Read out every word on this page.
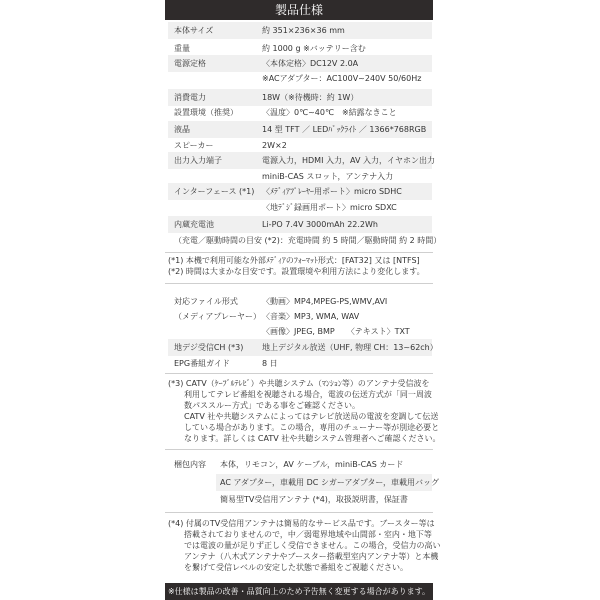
製品仕様
本体サイズ	約 351×236×36 mm
重量	約 1000 g ※バッテリー含む
電源定格	〈本体定格〉DC12V 2.0A
※ACアダプター：AC100V~240V 50/60Hz
消費電力	18W（※待機時：約 1W）
設置環境（推奨）	〈温度〉0℃~40℃　※結露なきこと
液晶	14 型 TFT ／ LEDﾊﾞｯｸﾗｲﾄ ／ 1366*768RGB
スピーカー	2W×2
出力入力端子	電源入力，HDMI 入力，AV 入力，イヤホン出力
miniB-CAS スロット，アンテナ入力
インターフェース (*1) 〈ﾒﾃﾞｨｱﾌﾟﾚｰﾔｰ用ポート〉micro SDHC
〈地ﾃﾞｼﾞ録画用ポート〉micro SDXC
内蔵充電池	Li-PO 7.4V 3000mAh 22.2Wh
（充電／駆動時間の目安 (*2)：充電時間 約 5 時間／駆動時間 約 2 時間）
(*1) 本機で利用可能な外部ﾒﾃﾞｨｱのﾌｫｰﾏｯﾄ形式：[FAT32] 又は [NTFS]
(*2) 時間は大まかな目安です。設置環境や利用方法により変化します。
対応ファイル形式	〈動画〉MP4,MPEG-PS,WMV,AVI
（メディアプレーヤー） 〈音楽〉MP3, WMA, WAV
〈画像〉JPEG, BMP　　〈テキスト〉TXT
地デジ受信CH (*3) 地上デジタル放送（UHF, 物理 CH：13~62ch）
EPG番組ガイド	8 日
(*3) CATV（ｹｰﾌﾞﾙﾃﾚﾋﾞ）や共聴システム（ﾏﾝｼｮﾝ等）のアンテナ受信波を
　　利用してテレビ番組を視聴される場合，電波の伝送方式が「同一周波
　　数パススルー方式」である事をご確認ください。
　　CATV 社や共聴システムによってはテレビ放送局の電波を変調して伝送
　　している場合があります。この場合，専用のチューナー等が別途必要と
　　なります。詳しくは CATV 社や共聴システム管理者へご確認ください。
梱包内容 本体，リモコン，AV ケーブル，miniB-CAS カード
AC アダプター，車載用 DC シガーアダプター，車載用バッグ
簡易型TV受信用アンテナ (*4)，取扱説明書，保証書
(*4) 付属のTV受信用アンテナは簡易的なサービス品です。ブースター等は
　　搭載されておりませんので，中／弱電界地域や山間部・室内・地下等
　　では電波の量が足りず正しく受信できません。この場合，受信力の高い
　　アンテナ（八木式アンテナやブースター搭載型室内アンテナ等）と本機
　　を繋げて受信レベルの安定した状態で番組をご視聴ください。
※仕様は製品の改善・品質向上のため予告無く変更する場合があります。
